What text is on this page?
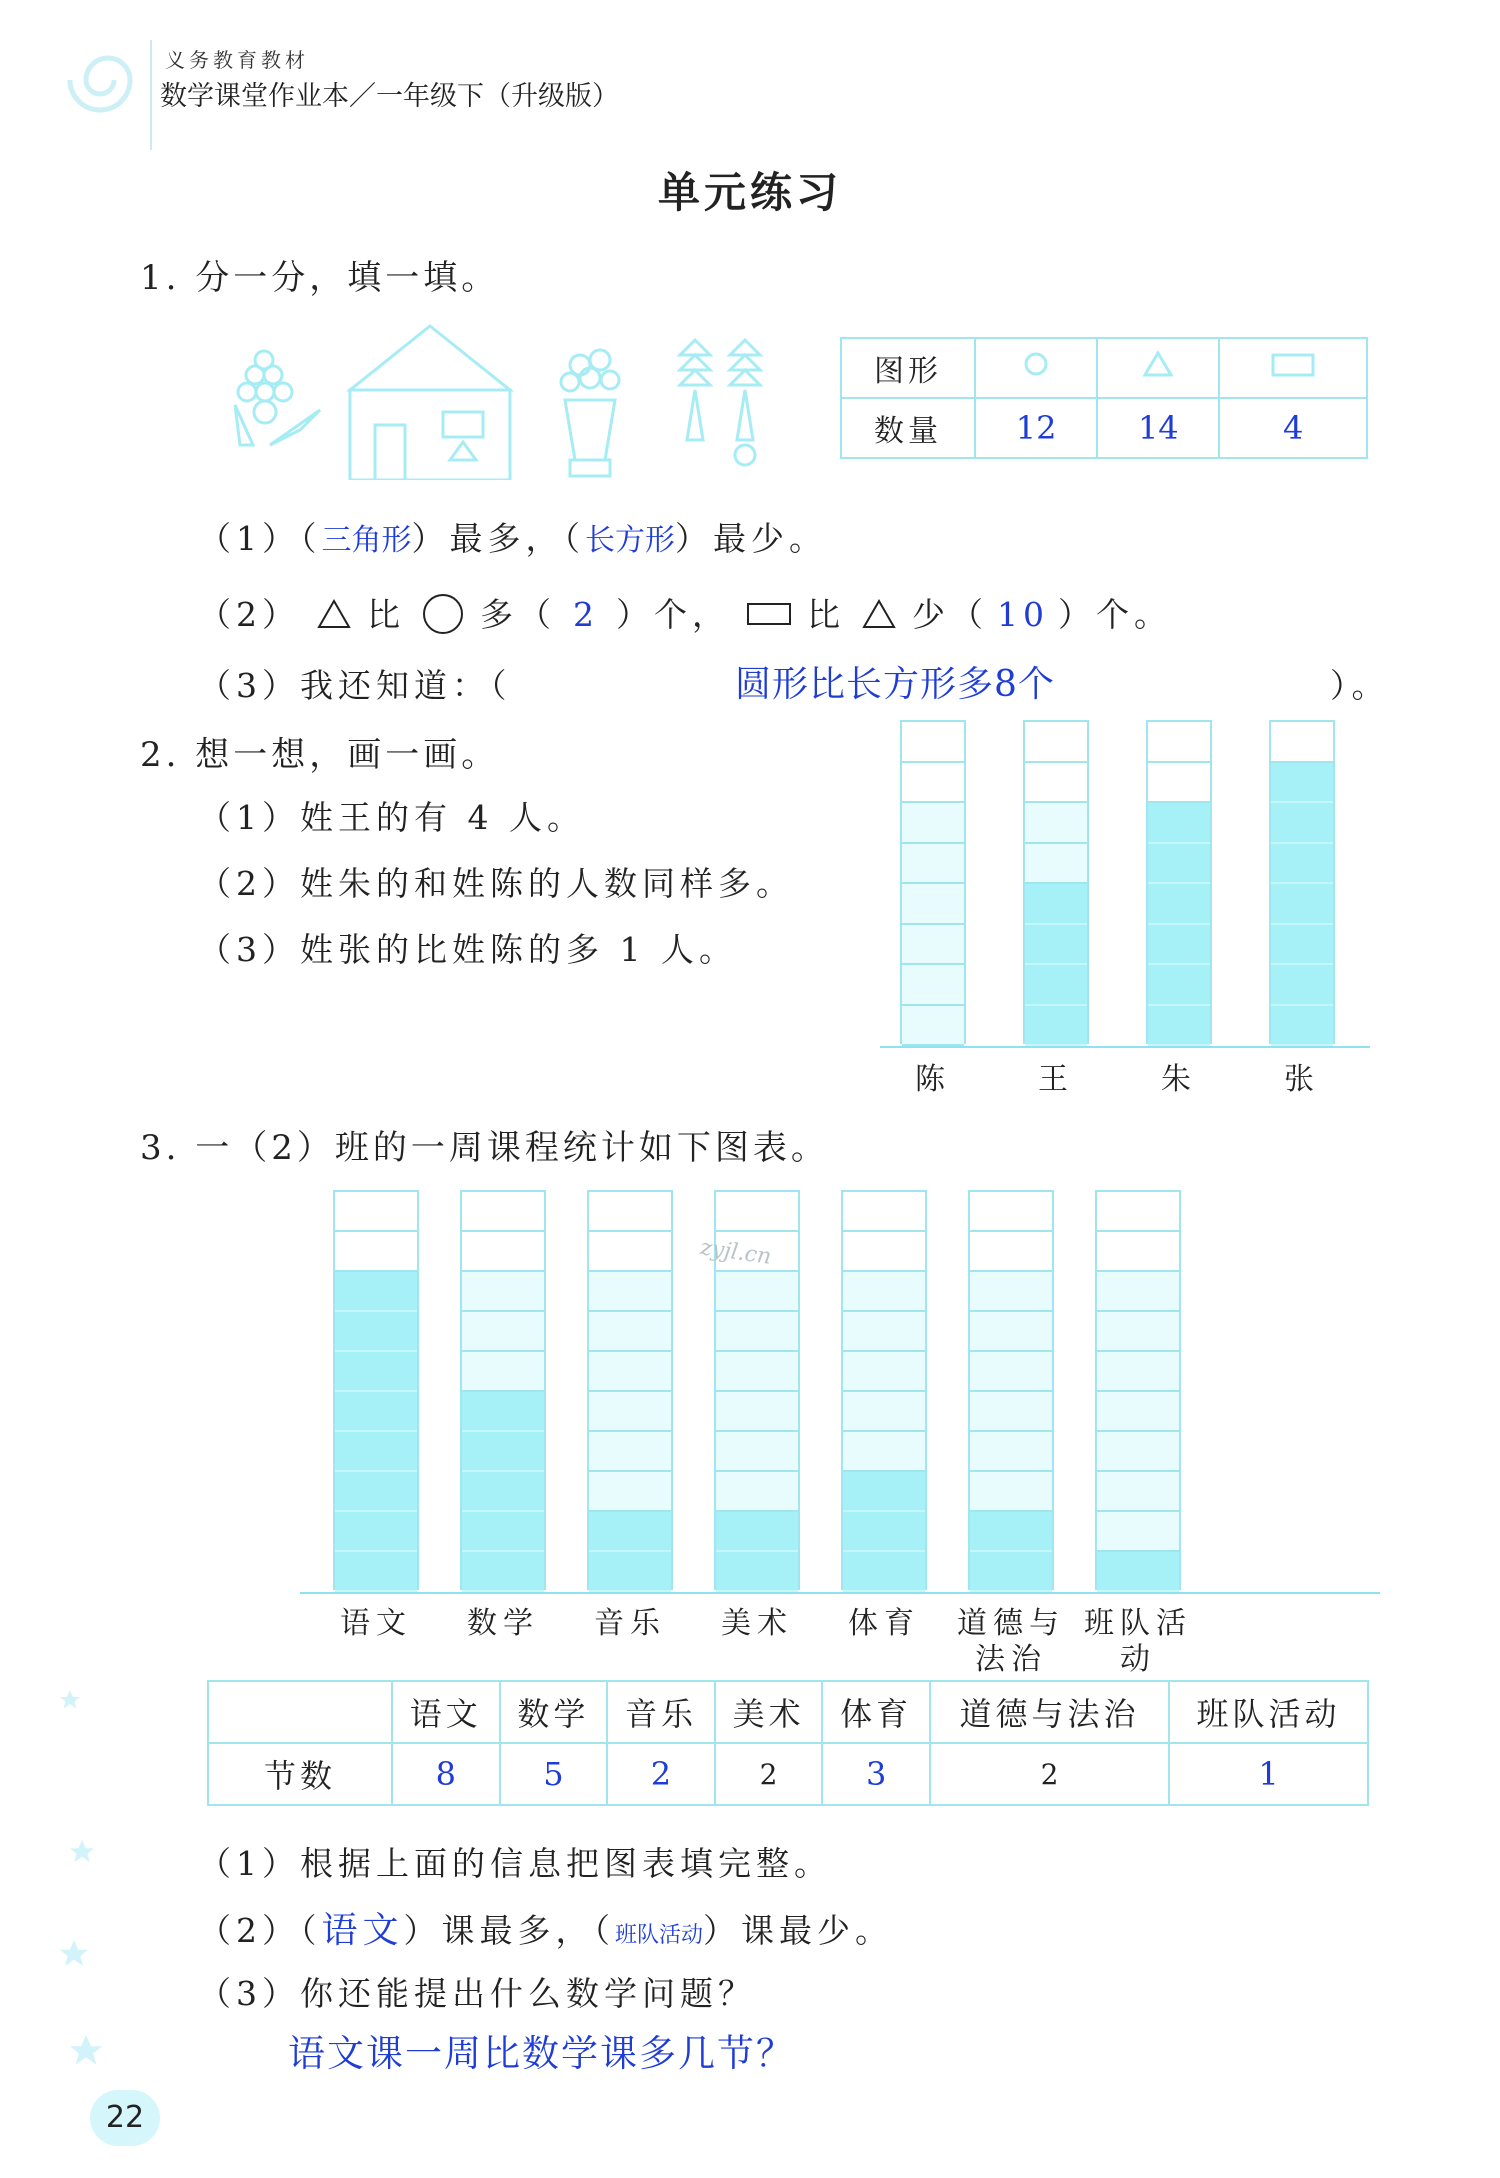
义务教育教材
数学课堂作业本／一年级下（升级版）
单元练习
1. 分一分，填一填。
图形			
数量	12	14	4
（1）（三角形）最多，（长方形）最少。
（2） 比 多（ 2 ）个， 比 少（ 10 ）个。
（3）我还知道：（	圆形比长方形多8个	）。
2. 想一想，画一画。
（1）姓王的有 4 人。
（2）姓朱的和姓陈的人数同样多。
（3）姓张的比姓陈的多 1 人。
陈	王	朱	张
3. 一（2）班的一周课程统计如下图表。
语文	数学	音乐	美术	体育	道德与法治
班队活动
zyjl.cn
	语文	数学	音乐	美术	体育	道德与法治	班队活动
节数	8	5	2	2	3	2	1
（1）根据上面的信息把图表填完整。
（2）（语文）课最多，（班队活动）课最少。
（3）你还能提出什么数学问题？
语文课一周比数学课多几节？
22
